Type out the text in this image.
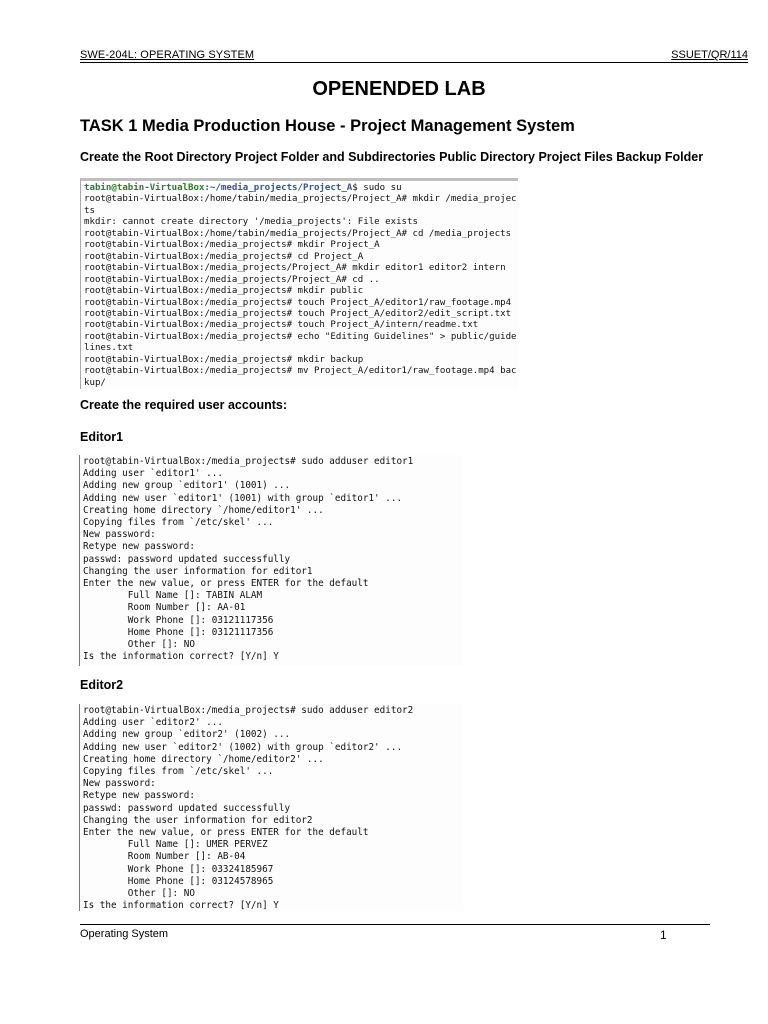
SWE-204L: OPERATING SYSTEM	SSUET/QR/114
OPENENDED LAB
TASK 1 Media Production House - Project Management System
Create the Root Directory Project Folder and Subdirectories Public Directory Project Files Backup Folder
tabin@tabin-VirtualBox:~/media_projects/Project_A$ sudo su
root@tabin-VirtualBox:/home/tabin/media_projects/Project_A# mkdir /media_projec
ts
mkdir: cannot create directory '/media_projects': File exists
root@tabin-VirtualBox:/home/tabin/media_projects/Project_A# cd /media_projects
root@tabin-VirtualBox:/media_projects# mkdir Project_A
root@tabin-VirtualBox:/media_projects# cd Project_A
root@tabin-VirtualBox:/media_projects/Project_A# mkdir editor1 editor2 intern
root@tabin-VirtualBox:/media_projects/Project_A# cd ..
root@tabin-VirtualBox:/media_projects# mkdir public
root@tabin-VirtualBox:/media_projects# touch Project_A/editor1/raw_footage.mp4
root@tabin-VirtualBox:/media_projects# touch Project_A/editor2/edit_script.txt
root@tabin-VirtualBox:/media_projects# touch Project_A/intern/readme.txt
root@tabin-VirtualBox:/media_projects# echo "Editing Guidelines" > public/guide
lines.txt
root@tabin-VirtualBox:/media_projects# mkdir backup
root@tabin-VirtualBox:/media_projects# mv Project_A/editor1/raw_footage.mp4 bac
kup/
Create the required user accounts:
Editor1
root@tabin-VirtualBox:/media_projects# sudo adduser editor1
Adding user `editor1' ...
Adding new group `editor1' (1001) ...
Adding new user `editor1' (1001) with group `editor1' ...
Creating home directory `/home/editor1' ...
Copying files from `/etc/skel' ...
New password:
Retype new password:
passwd: password updated successfully
Changing the user information for editor1
Enter the new value, or press ENTER for the default
Full Name []: TABIN ALAM
Room Number []: AA-01
Work Phone []: 03121117356
Home Phone []: 03121117356
Other []: NO
Is the information correct? [Y/n] Y
Editor2
root@tabin-VirtualBox:/media_projects# sudo adduser editor2
Adding user `editor2' ...
Adding new group `editor2' (1002) ...
Adding new user `editor2' (1002) with group `editor2' ...
Creating home directory `/home/editor2' ...
Copying files from `/etc/skel' ...
New password:
Retype new password:
passwd: password updated successfully
Changing the user information for editor2
Enter the new value, or press ENTER for the default
Full Name []: UMER PERVEZ
Room Number []: AB-04
Work Phone []: 03324185967
Home Phone []: 03124578965
Other []: NO
Is the information correct? [Y/n] Y
Operating System	1
